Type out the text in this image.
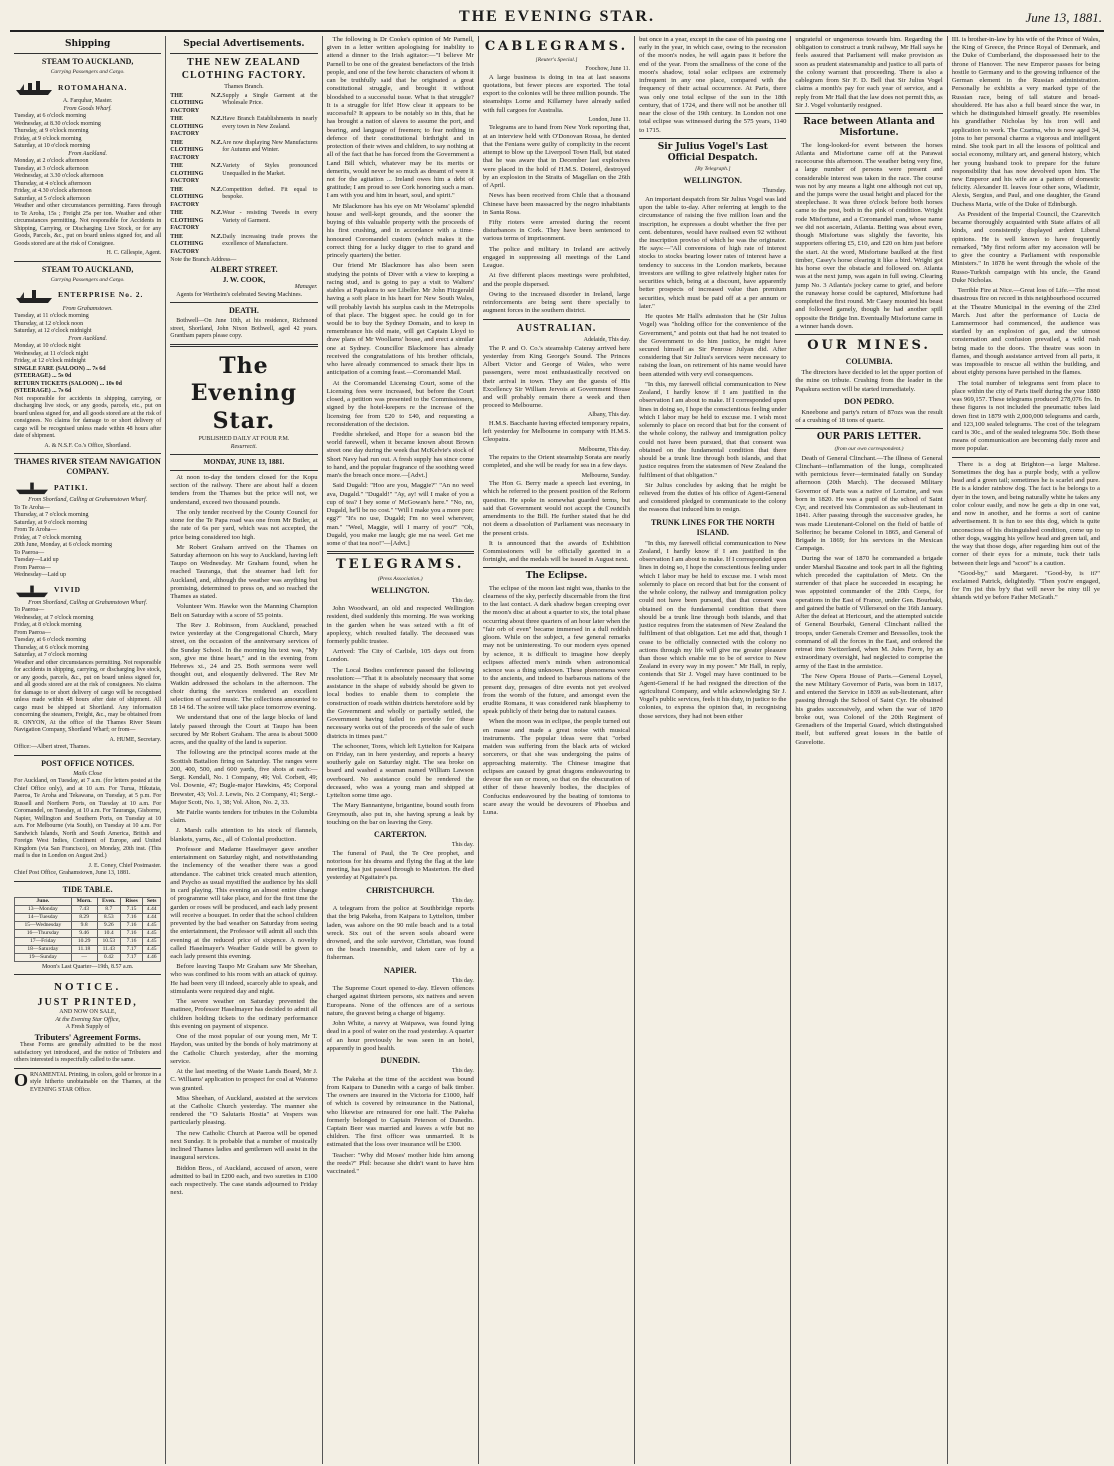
THE EVENING STAR.	June 13, 1881.
Shipping
STEAM TO AUCKLAND,
Carrying Passengers and Cargo.
ROTOMAHANA.
A. Farquhar, Master.
From Goods Wharf.
Tuesday, at 6 o'clock morning
Wednesday, at 8.30 o'clock morning
Thursday, at 9 o'clock morning
Friday, at 9 o'clock morning
Saturday, at 10 o'clock morning
From Auckland.
Monday, at 2 o'clock afternoon
Tuesday, at 3 o'clock afternoon
Wednesday, at 3.30 o'clock afternoon
Thursday, at 4 o'clock afternoon
Friday, at 4.30 o'clock afternoon
Saturday, at 5 o'clock afternoon

Weather and other circumstances permitting. Fares through to Te Aroha, 15s ; Freight 25s per ton. Weather and other circumstances permitting. Not responsible for Accidents in Shipping, Carrying, or Discharging Live Stock, or for any Goods, Parcels, &c., put on board unless signed for, and all Goods stored are at the risk of Consignee.

H. C. Gillespie, Agent.
STEAM TO AUCKLAND,
Carrying Passengers and Cargo.
ENTERPRISE No. 2.
From Grahamstown.
Tuesday, at 11 o'clock morning
Thursday, at 12 o'clock noon
Saturday, at 12 o'clock midnight
From Auckland.
Monday, at 10 o'clock night
Wednesday, at 11 o'clock night
Friday, at 12 o'clock midnight
SINGLE FARE (SALOON) ... 7s 6d
(STEERAGE) ... 5s 0d
RETURN TICKETS (SALOON) ... 10s 0d
(STEERAGE) ... 7s 6d

Not responsible for accidents in shipping, carrying, or discharging live stock, or any goods, parcels, etc., put on board unless signed for, and all goods stored are at the risk of consignees. No claims for damage to or short delivery of cargo will be recognised unless made within 48 hours after date of shipment.

A. & N.S.F. Co.'s Office, Shortland.
THAMES RIVER STEAM NAVIGATION COMPANY.
PATIKI.
From Shortland, Calling at Grahamstown Wharf.
To Te Aroha—
Thursday, at 7 o'clock morning
Saturday, at 9 o'clock morning
From Te Aroha—
Friday, at 7 o'clock morning
20th June, Monday, at 6 o'clock morning
To Paeroa—
Tuesday—Laid up
From Paeroa—
Wednesday—Laid up
VIVID
From Shortland, Calling at Grahamstown Wharf.
To Paeroa—
Wednesday, at 7 o'clock morning
Friday, at 8 o'clock morning
From Paeroa—
Tuesday, at 6 o'clock morning
Thursday, at 6 o'clock morning
Saturday, at 7 o'clock morning

Weather and other circumstances permitting. Not responsible for accidents in shipping, carrying, or discharging live stock, or any goods, parcels, &c., put on board unless signed for, and all goods stored are at the risk of consignees. No claims for damage to or short delivery of cargo will be recognised unless made within 48 hours after date of shipment. All cargo must be shipped at Shortland. Any information concerning the steamers, Freight, &c., may be obtained from R. ONYON, At the office of the Thames River Steam Navigation Company, Shortland Wharf; or from—

A. HUME, Secretary.
Office:—Albert street, Thames.
POST OFFICE NOTICES.
Mails Close

For Auckland, on Tuesday, at 7 a.m. (for letters posted at the Chief Office only), and at 10 a.m. For Turua, Hikutaia, Paeroa, Te Aroha and Tekawana, on Tuesday, at 5 p.m. For Russell and Northern Ports, on Tuesday at 10 a.m. For Coromandel, on Tuesday, at 10 a.m. For Tauranga, Gisborne, Napier, Wellington and Southern Ports, on Tuesday at 10 a.m. For Melbourne (via South), on Tuesday at 10 a.m. For Sandwich Islands, North and South America, British and Foreign West Indies, Continent of Europe, and United Kingdom (via San Francisco), on Monday, 20th inst. (This mail is due in London on August 2nd.)

J. E. Coney, Chief Postmaster.
Chief Post Office, Grahamstown, June 13, 1881.
TIDE TABLE.
June.	Morn.	Even.	Rises	Sets
13—Monday	7.43	8.7	7.15	4.44
14—Tuesday	8.29	8.53	7.16	4.44
15—Wednesday	9.8	9.26	7.16	4.45
16—Thursday	9.46	10.4	7.16	4.45
17—Friday	10.29	10.53	7.16	4.45
18—Saturday	11.18	11.43	7.17	4.45
19—Sunday	—	0.42	7.17	4.46
Moon's Last Quarter—19th, 8.57 a.m.
NOTICE.
JUST PRINTED,
AND NOW ON SALE,
At the Evening Star Office,
A Fresh Supply of
Tributers' Agreement Forms.

These Forms are generally admitted to be the most satisfactory yet introduced, and the notice of Tributers and others interested is respectfully called to the same.

ORNAMENTAL Printing, in colors, gold or bronze in a style hitherto unobtainable on the Thames, at the EVENING STAR Office.

Special Advertisements.
THE NEW ZEALAND CLOTHING FACTORY.
Thames Branch.
THE N.Z. CLOTHING FACTORY
Supply a Single Garment at the Wholesale Price.
THE N.Z. CLOTHING FACTORY
Have Branch Establishments in nearly every town in New Zealand.
THE N.Z. CLOTHING FACTORY
Are now displaying New Manufactures for Autumn and Winter.
THE N.Z. CLOTHING FACTORY
Variety of Styles pronounced Unequalled in the Market.
THE N.Z. CLOTHING FACTORY
Competition defied. Fit equal to bespoke.
THE N.Z. CLOTHING FACTORY
Wear - resisting Tweeds in every Variety of Garment.
THE N.Z. CLOTHING FACTORY
Daily increasing trade proves the excellence of Manufacture.
Note the Branch Address—
ALBERT STREET.
J. W. COOK,
Manager.

Agents for Wertheim's celebrated Sewing Machines.

DEATH.

Bothwell—On June 10th, at his residence, Richmond street, Shortland, John Nixon Bothwell, aged 42 years. Grantham papers please copy.

The Evening Star.
PUBLISHED DAILY AT FOUR P.M.
Resurrecti.
MONDAY, JUNE 13, 1881.

At noon to-day the tenders closed for the Kopu section of the railway. There are about half a dozen tenders from the Thames but the price will not, we understand, exceed two thousand pounds.

The only tender received by the County Council for stone for the Te Papa road was one from Mr Butler, at the rate of 6s per yard, which was not accepted, the price being considered too high.

Mr Robert Graham arrived on the Thames on Saturday afternoon on his way to Auckland, having left Taupo on Wednesday. Mr Graham found, when he reached Tauranga, that the steamer had left for Auckland, and, although the weather was anything but promising, determined to press on, and so reached the Thames as stated.

Volunteer Wm. Hawke won the Manning Champion Belt on Saturday with a score of 55 points.

The Rev J. Robinson, from Auckland, preached twice yesterday at the Congregational Church, Mary street, on the occasion of the anniversary services of the Sunday School. In the morning his text was, "My son, give me thine heart," and in the evening from Hebrews xi., 24 and 25. Both sermons were well thought out, and eloquently delivered. The Rev Mr Watkin addressed the scholars in the afternoon. The choir during the services rendered an excellent selection of sacred music. The collections amounted to £8 14 6d. The soiree will take place tomorrow evening.

We understand that one of the large blocks of land lately passed through the Court at Taupo has been secured by Mr Robert Graham. The area is about 5000 acres, and the quality of the land is superior.

The following are the principal scores made at the Scottish Battalion firing on Saturday. The ranges were 200, 400, 500, and 600 yards, five shots at each:—Sergt. Kendall, No. 1 Company, 49; Vol. Corbett, 49; Vol. Downie, 47; Bugle-major Hawkins, 45; Corporal Brewster, 43; Vol. J. Lewis, No. 2 Company, 41; Sergt.-Major Scott, No. 1, 38; Vol. Alton, No. 2, 33.

Mr Fairlie wants tenders for tributes in the Columbia claim.

J. Marsh calls attention to his stock of flannels, blankets, yarns, &c., all of Colonial production.

Professor and Madame Haselmayer gave another entertainment on Saturday night, and notwithstanding the inclemency of the weather there was a good attendance. The cabinet trick created much attention, and Psycho as usual mystified the audience by his skill in card playing. This evening an almost entire change of programme will take place, and for the first time the garden or roses will be produced, and each lady present will receive a bouquet. In order that the school children prevented by the bad weather on Saturday from seeing the entertainment, the Professor will admit all such this evening at the reduced price of sixpence. A novelty called Haselmayer's Weather Guide will be given to each lady present this evening.

Before leaving Taupo Mr Graham saw Mr Sheehan, who was confined to his room with an attack of quinsy. He had been very ill indeed, scarcely able to speak, and stimulants were required day and night.

The severe weather on Saturday prevented the matinee, Professor Haselmayer has decided to admit all children holding tickets to the ordinary performance this evening on payment of sixpence.

One of the most popular of our young men, Mr T. Haydon, was united by the bonds of holy matrimony at the Catholic Church yesterday, after the morning service.

At the last meeting of the Waste Lands Board, Mr J. C. Williams' application to prospect for coal at Waiomo was granted.

Miss Sheehan, of Auckland, assisted at the services at the Catholic Church yesterday. The manner she rendered the "O Salutaris Hostia" at Vespers was particularly pleasing.

The new Catholic Church at Paeroa will be opened next Sunday. It is probable that a number of musically inclined Thames ladies and gentlemen will assist in the inaugural services.

Biddon Bros., of Auckland, accused of arson, were admitted to bail in £200 each, and two sureties in £100 each respectively. The case stands adjourned to Friday next.

The following is Dr Cooke's opinion of Mr Parnell, given in a letter written apologising for inability to attend a dinner to the Irish agitator:—"I believe Mr Parnell to be one of the greatest benefactors of the Irish people, and one of the few heroic characters of whom it can be truthfully said that he originated a great constitutional struggle, and brought it without bloodshed to a successful issue. What is that struggle? It is a struggle for life! How clear it appears to be successful? It appears to be notably so in this, that he has brought a nation of slaves to assume the port, and bearing, and language of freemen; to fear nothing in defence of their constitutional birthright and in protection of their wives and children, to say nothing at all of the fact that he has forced from the Government a Land Bill which, whatever may be its merits or demerits, would never be so much as dreamt of were it not for the agitation ... Ireland owes him a debt of gratitude; I am proud to see Cork honoring such a man. I am with you and him in heart, soul, and spirit."

Mr Blackmore has his eye on Mr Woolams' splendid house and well-kept grounds, and the sooner the buying of this valuable property with the proceeds of his first crushing, and in accordance with a time-honoured Coromandel custom (which makes it the correct thing for a lucky digger to rise to grand and princely quarters) the better.

Our friend Mr Blackmore has also been seen studying the points of Diver with a view to keeping a racing stud, and is going to pay a visit to Walters' stables at Papakura to see Libeller. Mr John Fitzgerald having a soft place in his heart for New South Wales, will probably lavish his surplus cash in the Metropolis of that place. The biggest spec. he could go in for would be to buy the Sydney Domain, and to keep in remembrance his old mate, will get Captain Lloyd to draw plans of Mr Woollams' house, and erect a similar one at Sydney. Councillor Blackmore has already received the congratulations of his brother officials, who have already commenced to smack their lips in anticipation of a coming feast.—Coromandel Mail.

At the Coromandel Licensing Court, some of the Licensing fees were increased, but before the Court closed, a petition was presented to the Commissioners, signed by the hotel-keepers re the increase of the licensing fee from £20 to £40, and requesting a reconsideration of the decision.

Freddie shrieked, and Hope for a season bid the world farewell, when it became known about Brown street one day during the week that McKelvie's stock of Short Navy had run out. A fresh supply has since come to hand, and the popular fragrance of the soothing weed man's the breach once more.—[Advt.]

Said Dugald: "Hoo are you, Maggie?" "An no weel ava, Dugald." "Dugald!" "Ay, ay! will I make of you a cup of tea? I bey some o' McGowan's here." "No, no, Dugald, he'll be no cost." "Will I make you a more porc egg?" "It's no use, Dugald; I'm no weel wherever, man." "Weel, Maggie, will I marry of you?" "Oh, Dugald, you make me laugh; gie me na weel. Get me some o' that tea noo!"—[Advt.]

TELEGRAMS.
(Press Association.)
WELLINGTON.
This day.

John Woodward, an old and respected Wellington resident, died suddenly this morning. He was working in the garden when he was seized with a fit of apoplexy, which resulted fatally. The deceased was formerly public trustee.

Arrived: The City of Carlisle, 105 days out from London.

The Local Bodies conference passed the following resolution:—"That it is absolutely necessary that some assistance in the shape of subsidy should be given to local bodies to enable them to complete the construction of roads within districts heretofore sold by the Government and wholly or partially settled, the Government having failed to provide for these necessary works out of the proceeds of the sale of such districts in times past."

The schooner, Tores, which left Lyttelton for Kaipara on Friday, ran in here yesterday, and reports a heavy southerly gale on Saturday night. The sea broke on board and washed a seaman named William Lawson overboard. No assistance could be rendered the deceased, who was a young man and shipped at Lyttelton some time ago.

The Mary Bannantyne, brigantine, bound south from Greymouth, also put in, she having sprung a leak by touching on the bar on leaving the Grey.

CARTERTON.
This day.

The funeral of Paul, the Te Ore prophet, and notorious for his dreams and flying the flag at the late meeting, has just passed through to Masterton. He died yesterday at Ngaitaire's pa.

CHRISTCHURCH.
This day.

A telegram from the police at Southbridge reports that the brig Pakeha, from Kaipara to Lyttelton, timber laden, was ashore on the 90 mile beach and is a total wreck. Six out of the seven souls aboard were drowned, and the sole survivor, Christian, was found on the beach insensible, and taken care of by a fisherman.

NAPIER.
This day.

The Supreme Court opened to-day. Eleven offences charged against thirteen persons, six natives and seven Europeans. None of the offences are of a serious nature, the gravest being a charge of bigamy.

John White, a navvy at Waipawa, was found lying dead in a pool of water on the road yesterday. A quarter of an hour previously he was seen in an hotel, apparently in good health.

DUNEDIN.
This day.

The Pakeha at the time of the accident was bound from Kaipara to Dunedin with a cargo of balk timber. The owners are insured in the Victoria for £1000, half of which is covered by reinsurance in the National, who likewise are reinsured for one half. The Pakeha formerly belonged to Captain Peterson of Dunedin. Captain Beer was married and leaves a wife but no children. The first officer was unmarried. It is estimated that the loss over insurance will be £300.

Teacher: "Why did Moses' mother hide him among the reeds?" Phil: because she didn't want to have him vaccinated."

CABLEGRAMS.
[Reuter's Special.]
Foochow, June 11.

A large business is doing in tea at last seasons quotations, but fewer pieces are exported. The total export to the colonies will be three million pounds. The steamships Lorne and Killarney have already sailed with full cargoes for Australia.

London, June 11.

Telegrams are to hand from New York reporting that, at an interview held with O'Donovan Rossa, he denied that the Fenians were guilty of complicity in the recent attempt to blow up the Liverpool Town Hall, but stated that he was aware that in December last explosives were placed in the hold of H.M.S. Doterel, destroyed by an explosion in the Straits of Magellan on the 26th of April.

News has been received from Chile that a thousand Chinese have been massacred by the negro inhabitants in Santa Rosa.

Fifty rioters were arrested during the recent disturbances in Cork. They have been sentenced to various terms of imprisonment.

The police and military in Ireland are actively engaged in suppressing all meetings of the Land League.

At five different places meetings were prohibited, and the people dispersed.

Owing to the increased disorder in Ireland, large reinforcements are being sent there specially to augment forces in the southern district.

AUSTRALIAN.
Adelaide, This day.

The P. and O. Co.'s steamship Cateray arrived here yesterday from King George's Sound. The Princes Albert Victor and George of Wales, who were passengers, were most enthusiastically received on their arrival in town. They are the guests of His Excellency Sir William Jervois at Government House and will probably remain there a week and then proceed to Melbourne.

Albany, This day.

H.M.S. Bacchante having effected temporary repairs, left yesterday for Melbourne in company with H.M.S. Cleopatra.

Melbourne, This day.

The repairs to the Orient steamship Sorata are nearly completed, and she will be ready for sea in a few days.

Melbourne, Sunday.

The Hon G. Berry made a speech last evening, in which he referred to the present position of the Reform question. He spoke in somewhat guarded terms, but said that Government would not accept the Council's amendments to the Bill. He further stated that he did not deem a dissolution of Parliament was necessary in the present crisis.

It is announced that the awards of Exhibition Commissioners will be officially gazetted in a fortnight, and the medals will be issued in August next.

The Eclipse.

The eclipse of the moon last night was, thanks to the clearness of the sky, perfectly discernable from the first to the last contact. A dark shadow began creeping over the moon's disc at about a quarter to six, the total phase occurring about three quarters of an hour later when the "fair orb of even" became immersed in a dull reddish gloom. While on the subject, a few general remarks may not be uninteresting. To our modern eyes opened by science, it is difficult to imagine how deeply eclipses affected men's minds when astronomical science was a thing unknown. These phenomena were to the ancients, and indeed to barbarous nations of the present day, presages of dire events not yet evolved from the womb of the future, and amongst even the erudite Romans, it was considered rank blasphemy to speak publicly of their being due to natural causes.

When the moon was in eclipse, the people turned out en masse and made a great noise with musical instruments. The popular ideas were that "orbed maiden was suffering from the black arts of wicked sorcerers, or that she was undergoing the pains of approaching maternity. The Chinese imagine that eclipses are caused by great dragons endeavouring to devour the sun or moon, so that on the obscuration of either of these heavenly bodies, the disciples of Confucius endeavoured by the beating of tomtoms to scare away the would be devourers of Phoebus and Luna.

but once in a year, except in the case of his passing one early in the year, in which case, owing to the recession of the moon's nodes, he will again pass it before the end of the year. From the smallness of the cone of the moon's shadow, total solar eclipses are extremely infrequent in any one place, compared with the frequency of their actual occurrence. At Paris, there was only one total eclipse of the sun in the 18th century, that of 1724, and there will not be another till near the close of the 19th century. In London not one total eclipse was witnessed during the 575 years, 1140 to 1715.

Sir Julius Vogel's Last Official Despatch.
[By Telegraph.]
WELLINGTON.
Thursday.

An important despatch from Sir Julius Vogel was laid upon the table to-day. After referring at length to the circumstance of raising the five million loan and the inscription, he expresses a doubt whether the five per cent. debentures, would have realised even 92 without the inscription proviso of which he was the originator. He says:—"All conversions of high rate of interest stocks to stocks bearing lower rates of interest have a tendency to success in the London markets, because investors are willing to give relatively higher rates for securities which, being at a discount, have apparently better prospects of increased value than premium securities, which must be paid off at a per annum or later."

He quotes Mr Hall's admission that he (Sir Julius Vogel) was "holding office for the convenience of the Government," and points out that had he not treated to the Government to do him justice, he might have secured himself as Sir Penrose Julyan did. After considering that Sir Julius's services were necessary to raising the loan, on retirement of his name would have been attended with very evil consequences.

"In this, my farewell official communication to New Zealand, I hardly know if I am justified in the observation I am about to make. If I corresponded upon lines in doing so, I hope the conscientious feeling under which I labor may be held to excuse me. I wish most solemnly to place on record that but for the consent of the whole colony, the railway and immigration policy could not have been pursued, that that consent was obtained on the fundamental condition that there should be a trunk line through both islands, and that justice requires from the statesmen of New Zealand the fulfilment of that obligation."

Sir Julius concludes by asking that he might be relieved from the duties of his office of Agent-General and considered pledged to communicate to the colony the reasons that induced him to resign.

TRUNK LINES FOR THE NORTH ISLAND.

"In this, my farewell official communication to New Zealand, I hardly know if I am justified in the observation I am about to make. If I corresponded upon lines in doing so, I hope the conscientious feeling under which I labor may be held to excuse me. I wish most solemnly to place on record that but for the consent of the whole colony, the railway and immigration policy could not have been pursued, that that consent was obtained on the fundamental condition that there should be a trunk line through both islands, and that justice requires from the statesmen of New Zealand the fulfilment of that obligation. Let me add that, though I cease to be officially connected with the colony no actions through my life will give me greater pleasure than those which enable me to be of service to New Zealand in every way in my power." Mr Hall, in reply, contends that Sir J. Vogel may have continued to be Agent-General if he had resigned the direction of the agricultural Company, and while acknowledging Sir J. Vogel's public services, feels it his duty, in justice to the colonies, to express the opinion that, in recognising those services, they had not been either

ungrateful or ungenerous towards him. Regarding the obligation to construct a trunk railway, Mr Hall says he feels assured that Parliament will make provision as soon as prudent statesmanship and justice to all parts of the colony warrant that proceeding. There is also a cablegram from Sir F. D. Bell that Sir Julius Vogel claims a month's pay for each year of service, and a reply from Mr Hall that the law does not permit this, as Sir J. Vogel voluntarily resigned.

Race between Atlanta and Misfortune.

The long-looked-for event between the horses Atlanta and Misfortune came off at the Parawai racecourse this afternoon. The weather being very fine, a large number of persons were present and considerable interest was taken in the race. The course was not by any means a light one although not cut up, and the jumps were the usual height and placed for the steeplechase. It was three o'clock before both horses came to the post, both in the pink of condition. Wright rode Misfortune, and a Coromandel man, whose name we did not ascertain, Atlanta. Betting was about even, though Misfortune was slightly the favorite, his supporters offering £5, £10, and £20 on him just before the start. At the word, Misfortune baulked at the first timber, Casey's horse clearing it like a bird. Wright got his horse over the obstacle and followed on. Atlanta was at the next jump, was again in full swing. Clearing jump No. 3 Atlanta's jockey came to grief, and before the runaway horse could be captured, Misfortune had completed the first round. Mr Casey mounted his beast and followed gamely, though he had another spill opposite the Bridge Inn. Eventually Misfortune came in a winner hands down.

OUR MINES.
COLUMBIA.

The directors have decided to let the upper portion of the mine on tribute. Crushing from the leader in the Papakura section will be started immediately.

DON PEDRO.

Kneebone and party's return of 87ozs was the result of a crushing of 18 tons of quartz.

OUR PARIS LETTER.
(from our own correspondent.)

Death of General Clinchant.—The illness of General Clinchant—inflammation of the lungs, complicated with pernicious fever—terminated fatally on Sunday afternoon (20th March). The deceased Military Governor of Paris was a native of Lorraine, and was born in 1820. He was a pupil of the school of Saint Cyr, and received his Commission as sub-lieutenant in 1841. After passing through the successive grades, he was made Lieutenant-Colonel on the field of battle of Solferino; he became Colonel in 1865, and General of Brigade in 1869; for his services in the Mexican Campaign.

During the war of 1870 he commanded a brigade under Marshal Bazaine and took part in all the fighting which preceded the capitulation of Metz. On the surrender of that place he succeeded in escaping; he was appointed commander of the 20th Corps, for operations in the East of France, under Gen. Bourbaki, and gained the battle of Villersexel on the 16th January. After the defeat at Hericourt, and the attempted suicide of General Bourbaki, General Clinchant rallied the troops, under Generals Cremer and Bressolles, took the command of all the forces in the East, and ordered the retreat into Switzerland, when M. Jules Favre, by an extraordinary oversight, had neglected to comprise the army of the East in the armistice.

The New Opera House of Paris.—General Loysel, the new Military Governor of Paris, was born in 1817, and entered the Service in 1839 as sub-lieutenant, after passing through the School of Saint Cyr. He obtained his grades successively, and when the war of 1870 broke out, was Colonel of the 20th Regiment of Grenadiers of the Imperial Guard, which distinguished itself, but suffered great losses in the battle of Gravelotte.

III. is brother-in-law by his wife of the Prince of Wales, the King of Greece, the Prince Royal of Denmark, and the Duke of Cumberland, the dispossessed heir to the throne of Hanover. The new Emperor passes for being hostile to Germany and to the growing influence of the German element in the Russian administration. Personally he exhibits a very marked type of the Russian race, being of tall stature and broad-shouldered. He has also a full beard since the war, in which he distinguished himself greatly. He resembles his grandfather Nicholas by his iron will and application to work. The Czarina, who is now aged 34, joins to her personal charms a vigorous and intelligent mind. She took part in all the lessons of political and social economy, military art, and general history, which her young husband took to prepare for the future responsibility that has now devolved upon him. The new Emperor and his wife are a pattern of domestic felicity. Alexander II. leaves four other sons, Wladimir, Alexis, Sergius, and Paul, and one daughter, the Grand Duchess Maria, wife of the Duke of Edinburgh.

As President of the Imperial Council, the Czarevitch became thoroughly acquainted with State affairs of all kinds, and consistently displayed ardent Liberal opinions. He is well known to have frequently remarked, "My first reform after my accession will be to give the country a Parliament with responsible Ministers." In 1878 he went through the whole of the Russo-Turkish campaign with his uncle, the Grand Duke Nicholas.

Terrible Fire at Nice.—Great loss of Life.—The most disastrous fire on record in this neighbourhood occurred at the Theatre Municipal in the evening of the 23rd March. Just after the performance of Lucia de Lammermoor had commenced, the audience was startled by an explosion of gas, and the utmost consternation and confusion prevailed, a wild rush being made to the doors. The theatre was soon in flames, and though assistance arrived from all parts, it was impossible to rescue all within the building, and about eighty persons have perished in the flames.

The total number of telegrams sent from place to place within the city of Paris itself during the year 1880 was 969,157. These telegrams produced 278,076 frs. In these figures is not included the pneumatic tubes laid down first in 1879 with 2,000,000 telegrams and cards, and 123,100 sealed telegrams. The cost of the telegram card is 30c., and of the sealed telegrams 50c. Both these means of communication are becoming daily more and more popular.

There is a dog at Brighton—a large Maltese. Sometimes the dog has a purple body, with a yellow head and a green tail; sometimes he is scarlet and pure. He is a kinder rainbow dog. The fact is he belongs to a dyer in the town, and being naturally white he takes any color colour easily, and now he gets a dip in one vat, and now in another, and he forms a sort of canine advertisement. It is fun to see this dog, which is quite unconscious of his distinguished condition, come up to other dogs, wagging his yellow head and green tail, and the way that those dogs, after regarding him out of the corner of their eyes for a minute, tuck their tails between their legs and "scoot" is a caution.

"Good-by," said Margaret. "Good-by, is it?" exclaimed Patrick, delightedly. "Then you're engaged, for I'm jist this by'y that will never be niny till ye shtands wid ye before Father McGrath."
